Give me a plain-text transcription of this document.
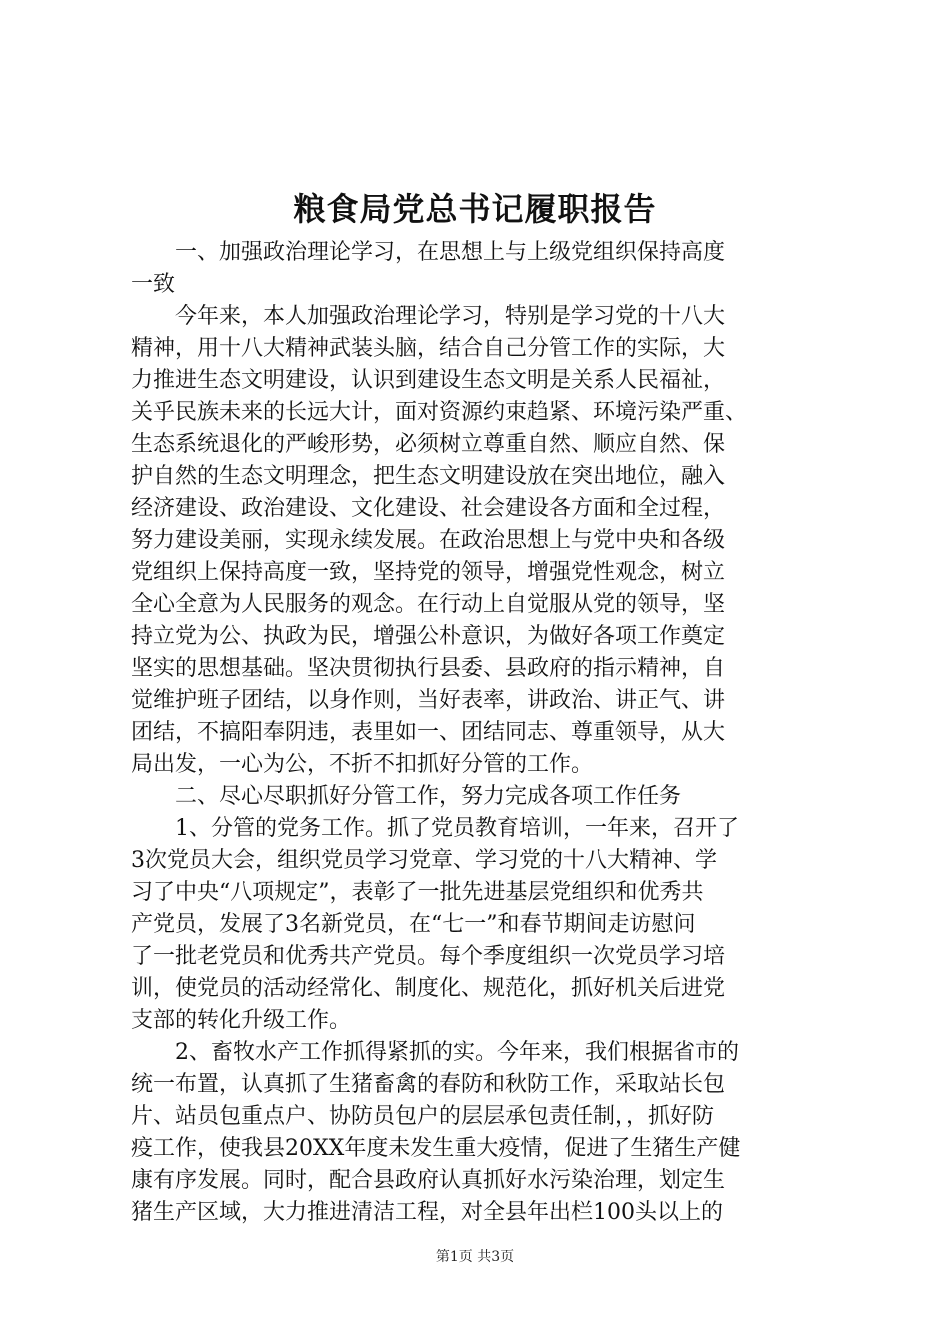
粮食局党总书记履职报告
　　一、加强政治理论学习，在思想上与上级党组织保持高度
一致
　　今年来，本人加强政治理论学习，特别是学习党的十八大
精神，用十八大精神武装头脑，结合自己分管工作的实际，大
力推进生态文明建设，认识到建设生态文明是关系人民福祉，
关乎民族未来的长远大计，面对资源约束趋紧、环境污染严重、
生态系统退化的严峻形势，必须树立尊重自然、顺应自然、保
护自然的生态文明理念，把生态文明建设放在突出地位，融入
经济建设、政治建设、文化建设、社会建设各方面和全过程，
努力建设美丽，实现永续发展。在政治思想上与党中央和各级
党组织上保持高度一致，坚持党的领导，增强党性观念，树立
全心全意为人民服务的观念。在行动上自觉服从党的领导，坚
持立党为公、执政为民，增强公朴意识，为做好各项工作奠定
坚实的思想基础。坚决贯彻执行县委、县政府的指示精神，自
觉维护班子团结，以身作则，当好表率，讲政治、讲正气、讲
团结，不搞阳奉阴违，表里如一、团结同志、尊重领导，从大
局出发，一心为公，不折不扣抓好分管的工作。
　　二、尽心尽职抓好分管工作，努力完成各项工作任务
　　1、分管的党务工作。抓了党员教育培训，一年来，召开了
3次党员大会，组织党员学习党章、学习党的十八大精神、学
习了中央“八项规定”，表彰了一批先进基层党组织和优秀共
产党员，发展了3名新党员，在“七一”和春节期间走访慰问
了一批老党员和优秀共产党员。每个季度组织一次党员学习培
训，使党员的活动经常化、制度化、规范化，抓好机关后进党
支部的转化升级工作。
　　2、畜牧水产工作抓得紧抓的实。今年来，我们根据省市的
统一布置，认真抓了生猪畜禽的春防和秋防工作，采取站长包
片、站员包重点户、协防员包户的层层承包责任制，，抓好防
疫工作，使我县20XX年度未发生重大疫情，促进了生猪生产健
康有序发展。同时，配合县政府认真抓好水污染治理，划定生
猪生产区域，大力推进清洁工程，对全县年出栏100头以上的
第1页 共3页
